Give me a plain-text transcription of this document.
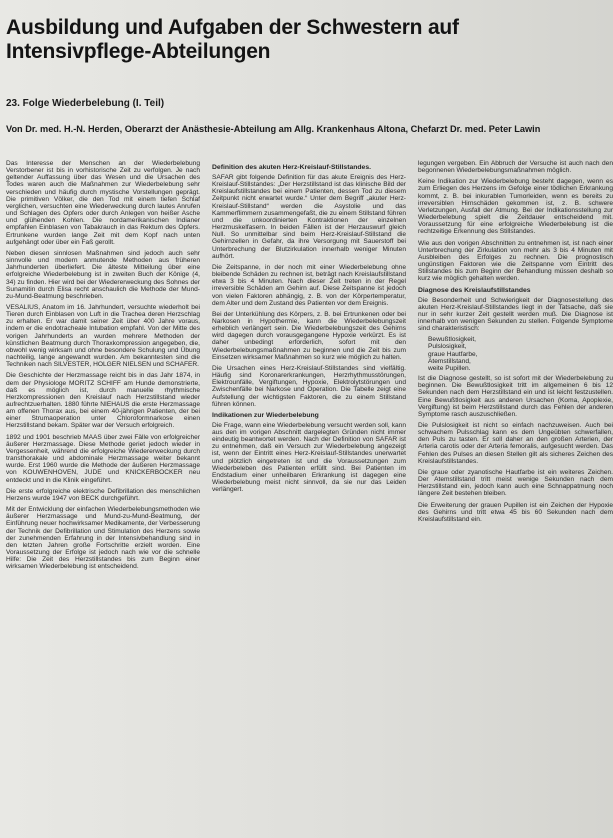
Ausbildung und Aufgaben der Schwestern auf Intensivpflege-Abteilungen
23. Folge Wiederbelebung (I. Teil)
Von Dr. med. H.-N. Herden, Oberarzt der Anästhesie-Abteilung am Allg. Krankenhaus Altona, Chefarzt Dr. med. Peter Lawin

Das Interesse der Menschen an der Wiederbelebung Verstorbener ist bis in vorhistorische Zeit zu verfolgen. Je nach geltender Auffassung über das Wesen und die Ursachen des Todes waren auch die Maßnahmen zur Wiederbelebung sehr verschieden und häufig durch mystische Vorstellungen geprägt. Die primitiven Völker, die den Tod mit einem tiefen Schlaf verglichen, versuchten eine Wiederweckung durch lautes Anrufen und Schlagen des Opfers oder durch Anlegen von heißer Asche und glühenden Kohlen. Die nordamerikanischen Indianer empfahlen Einblasen von Tabakrauch in das Rektum des Opfers. Ertrunkene wurden lange Zeit mit dem Kopf nach unten aufgehängt oder über ein Faß gerollt.

Neben diesen sinnlosen Maßnahmen sind jedoch auch sehr sinnvolle und modern anmutende Methoden aus früheren Jahrhunderten überliefert. Die älteste Mitteilung über eine erfolgreiche Wiederbelebung ist in zweiten Buch der Könige (4, 34) zu finden. Hier wird bei der Wiedererweckung des Sohnes der Sunamitin durch Elisa recht anschaulich die Methode der Mund-zu-Mund-Beatmung beschrieben.

VESALIUS, Anatom im 16. Jahrhundert, versuchte wiederholt bei Tieren durch Einblasen von Luft in die Trachea deren Herzschlag zu erhalten. Er war damit seiner Zeit über 400 Jahre voraus, indem er die endotracheale Intubation empfahl. Von der Mitte des vorigen Jahrhunderts an wurden mehrere Methoden der künstlichen Beatmung durch Thoraxkompression angegeben, die, obwohl wenig wirksam und ohne besondere Schulung und Übung nachteilig, lange angewandt wurden. Am bekanntesten sind die Techniken nach SILVESTER, HOLGER NIELSEN und SCHAFER.

Die Geschichte der Herzmassage reicht bis in das Jahr 1874, in dem der Physiologe MORITZ SCHIFF am Hunde demonstrierte, daß es möglich ist, durch manuelle rhythmische Herzkompressionen den Kreislauf nach Herzstillstand wieder aufrechtzuerhalten. 1880 führte NIEHAUS die erste Herzmassage am offenen Thorax aus, bei einem 40-jährigen Patienten, der bei einer Strumaoperation unter Chloroformnarkose einen Herzstillstand bekam. Später war der Versuch erfolgreich.

1892 und 1901 beschrieb MAAS über zwei Fälle von erfolgreicher äußerer Herzmassage. Diese Methode geriet jedoch wieder in Vergessenheit, während die erfolgreiche Wiedererweckung durch transthorakale und abdominale Herzmassage weiter bekannt wurde. Erst 1960 wurde die Methode der äußeren Herzmassage von KOUWENHOVEN, JUDE und KNICKERBOCKER neu entdeckt und in die Klinik eingeführt.

Die erste erfolgreiche elektrische Defibrillation des menschlichen Herzens wurde 1947 von BECK durchgeführt.

Mit der Entwicklung der einfachen Wiederbelebungsmethoden wie äußerer Herzmassage und Mund-zu-Mund-Beatmung, der Einführung neuer hochwirksamer Medikamente, der Verbesserung der Technik der Defibrillation und Stimulation des Herzens sowie der zunehmenden Erfahrung in der Intensivbehandlung sind in den letzten Jahren große Fortschritte erzielt worden. Eine Voraussetzung der Erfolge ist jedoch nach wie vor die schnelle Hilfe: Die Zeit des Herzstillstandes bis zum Beginn einer wirksamen Wiederbelebung ist entscheidend.

Definition des akuten Herz-Kreislauf-Stillstandes.

SAFAR gibt folgende Definition für das akute Ereignis des Herz-Kreislauf-Stillstandes: „Der Herzstillstand ist das klinische Bild der Kreislaufstillstandes bei einem Patienten, dessen Tod zu diesem Zeitpunkt nicht erwartet wurde.“ Unter dem Begriff „akuter Herz-Kreislauf-Stillstand“ werden die Asystolie und das Kammerflimmern zusammengefaßt, die zu einem Stillstand führen und die unkoordinierten Kontraktionen der einzelnen Herzmuskelfasern. In beiden Fällen ist der Herzauswurf gleich Null. So unmittelbar sind beim Herz-Kreislauf-Stillstand die Gehirnzellen in Gefahr, da ihre Versorgung mit Sauerstoff bei Unterbrechung der Blutzirkulation innerhalb weniger Minuten aufhört.

Die Zeitspanne, in der noch mit einer Wiederbelebung ohne bleibende Schäden zu rechnen ist, beträgt nach Kreislaufstillstand etwa 3 bis 4 Minuten. Nach dieser Zeit treten in der Regel irreversible Schäden am Gehirn auf. Diese Zeitspanne ist jedoch von vielen Faktoren abhängig, z. B. von der Körpertemperatur, dem Alter und dem Zustand des Patienten vor dem Ereignis.

Bei der Unterkühlung des Körpers, z. B. bei Ertrunkenen oder bei Narkosen in Hypothermie, kann die Wiederbelebungszeit erheblich verlängert sein. Die Wiederbelebungszeit des Gehirns wird dagegen durch vorausgegangene Hypoxie verkürzt. Es ist daher unbedingt erforderlich, sofort mit den Wiederbelebungsmaßnahmen zu beginnen und die Zeit bis zum Einsetzen wirksamer Maßnahmen so kurz wie möglich zu halten.

Die Ursachen eines Herz-Kreislauf-Stillstandes sind vielfältig. Häufig sind Koronarerkrankungen, Herzrhythmusstörungen, Elektrounfälle, Vergiftungen, Hypoxie, Elektrolytstörungen und Zwischenfälle bei Narkose und Operation. Die Tabelle zeigt eine Aufstellung der wichtigsten Faktoren, die zu einem Stillstand führen können.

Indikationen zur Wiederbelebung

Die Frage, wann eine Wiederbelebung versucht werden soll, kann aus den im vorigen Abschnitt dargelegten Gründen nicht immer eindeutig beantwortet werden. Nach der Definition von SAFAR ist zu entnehmen, daß ein Versuch zur Wiederbelebung angezeigt ist, wenn der Eintritt eines Herz-Kreislauf-Stillstandes unerwartet und plötzlich eingetreten ist und die Voraussetzungen zum Wiederbeleben des Patienten erfüllt sind. Bei Patienten im Endstadium einer unheilbaren Erkrankung ist dagegen eine Wiederbelebung meist nicht sinnvoll, da sie nur das Leiden verlängert.

legungen vergeben. Ein Abbruch der Versuche ist auch nach den begonnenen Wiederbelebungsmaßnahmen möglich.

Keine Indikation zur Wiederbelebung besteht dagegen, wenn es zum Erliegen des Herzens im Gefolge einer tödlichen Erkrankung kommt, z. B. bei inkurablen Tumorleiden, wenn es bereits zu irreversiblen Hirnschäden gekommen ist, z. B. schwere Verletzungen, Ausfall der Atmung. Bei der Indikationsstellung zur Wiederbelebung spielt die Zeitdauer entscheidend mit. Voraussetzung für eine erfolgreiche Wiederbelebung ist die rechtzeitige Erkennung des Stillstandes.

Wie aus den vorigen Abschnitten zu entnehmen ist, ist nach einer Unterbrechung der Zirkulation von mehr als 3 bis 4 Minuten mit Ausbleiben des Erfolges zu rechnen. Die prognostisch ungünstigen Faktoren wie die Zeitspanne vom Eintritt des Stillstandes bis zum Beginn der Behandlung müssen deshalb so kurz wie möglich gehalten werden.

Diagnose des Kreislaufstillstandes

Die Besonderheit und Schwierigkeit der Diagnosestellung des akuten Herz-Kreislauf-Stillstandes liegt in der Tatsache, daß sie nur in sehr kurzer Zeit gestellt werden muß. Die Diagnose ist innerhalb von wenigen Sekunden zu stellen. Folgende Symptome sind charakteristisch:

Bewußtlosigkeit,
Pulslosigkeit,
graue Hautfarbe,
Atemstillstand,
weite Pupillen.

Ist die Diagnose gestellt, so ist sofort mit der Wiederbelebung zu beginnen. Die Bewußtlosigkeit tritt im allgemeinen 6 bis 12 Sekunden nach dem Herzstillstand ein und ist leicht festzustellen. Eine Bewußtlosigkeit aus anderen Ursachen (Koma, Apoplexie, Vergiftung) ist beim Herzstillstand durch das Fehlen der anderen Symptome rasch auszuschließen.

Die Pulslosigkeit ist nicht so einfach nachzuweisen. Auch bei schwachem Pulsschlag kann es dem Ungeübten schwerfallen, den Puls zu tasten. Er soll daher an den großen Arterien, der Arteria carotis oder der Arteria femoralis, aufgesucht werden. Das Fehlen des Pulses an diesen Stellen gilt als sicheres Zeichen des Kreislaufstillstandes.

Die graue oder zyanotische Hautfarbe ist ein weiteres Zeichen. Der Atemstillstand tritt meist wenige Sekunden nach dem Herzstillstand ein, jedoch kann auch eine Schnappatmung noch längere Zeit bestehen bleiben.

Die Erweiterung der grauen Pupillen ist ein Zeichen der Hypoxie des Gehirns und tritt etwa 45 bis 60 Sekunden nach dem Kreislaufstillstand ein.
